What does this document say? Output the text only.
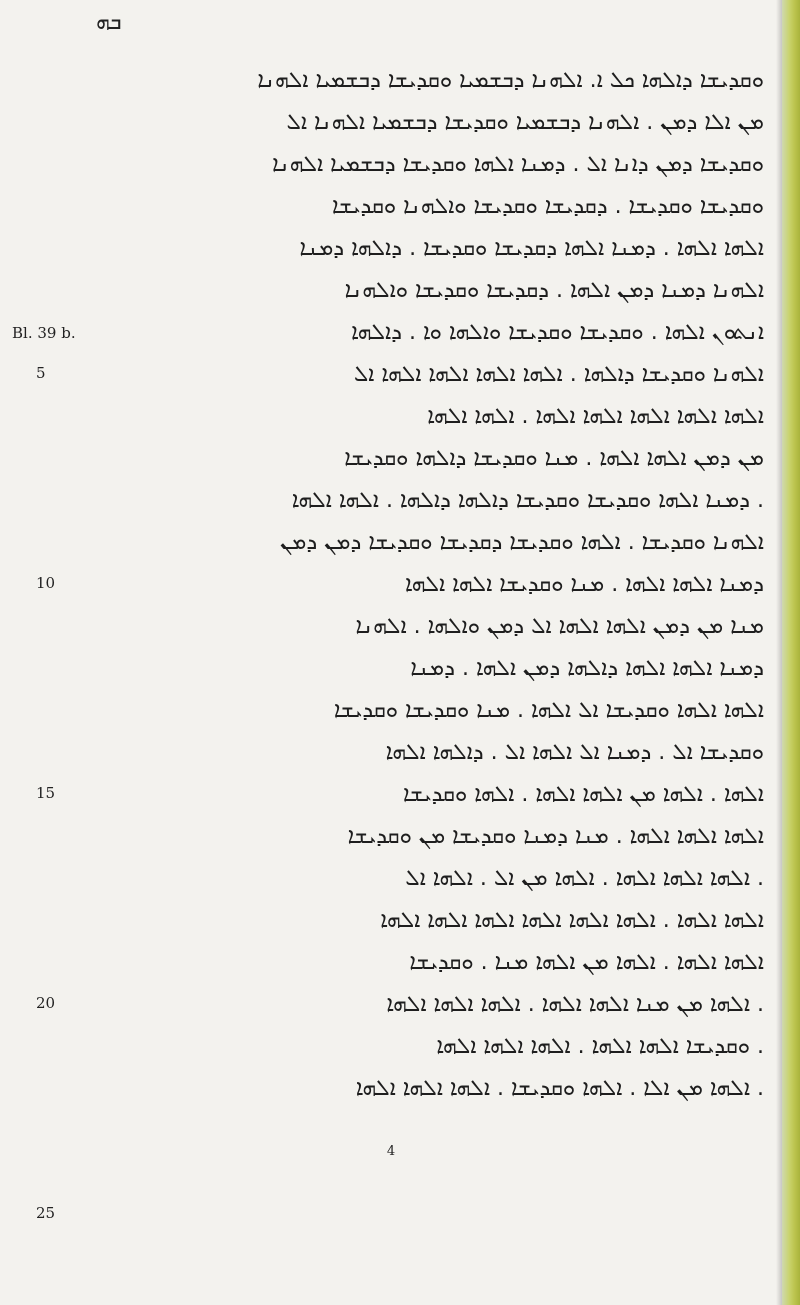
ܒܗ
Bl. 39 b.
5
10
15
20
25
ܘܩܕܝܫܐ ܕܐܠܗܐ ܟܠ ܐ. ܐܠܗܢܐ ܕܒܫܡܝܐ ܘܩܕܝܫܐ ܕܒܫܡܝܐ ܐܠܗܢܐ
ܡܢ ܐܠܐ ܕܡܢ . ܐܠܗܢܐ ܕܒܫܡܝܐ ܘܩܕܝܫܐ ܕܒܫܡܝܐ ܐܠܗܢܐ ܐܠ
ܘܩܕܝܫܐ ܕܡܢ ܕܐܢܐ ܐܠ . ܕܡܢܐ ܐܠܗܐ ܘܩܕܝܫܐ ܕܒܫܡܝܐ ܐܠܗܢܐ
ܘܩܕܝܫܐ ܘܩܕܝܫܐ . ܕܩܕܝܫܐ ܘܩܕܝܫܐ ܘܐܠܗܢܐ ܘܩܕܝܫܐ
ܐܠܗܐ ܐܠܗܐ . ܕܡܢܐ ܐܠܗܐ ܕܩܕܝܫܐ ܘܩܕܝܫܐ . ܕܐܠܗܐ ܕܡܢܐ
ܐܠܗܢܐ ܕܡܢܐ ܕܡܢ ܐܠܗܐ . ܕܩܕܝܫܐ ܘܩܕܝܫܐ ܘܐܠܗܢܐ
ܐܢܬܘܢ ܐܠܗܐ . ܘܩܕܝܫܐ ܘܩܕܝܫܐ ܘܐܠܗܐ ܘܐ . ܕܐܠܗܐ
ܐܠܗܢܐ ܘܩܕܝܫܐ ܕܐܠܗܐ . ܐܠܗܐ ܐܠܗܐ ܐܠܗܐ ܐܠܗܐ ܐܠ
ܐܠܗܐ ܐܠܗܐ ܐܠܗܐ ܐܠܗܐ ܐܠܗܐ . ܐܠܗܐ ܐܠܗܐ
ܡܢ ܕܡܢ ܐܠܗܐ ܐܠܗܐ . ܡܢܐ ܘܩܕܝܫܐ ܕܐܠܗܐ ܘܩܕܝܫܐ
. ܕܡܢܐ ܐܠܗܐ ܘܩܕܝܫܐ ܘܩܕܝܫܐ ܕܐܠܗܐ ܕܐܠܗܐ . ܐܠܗܐ ܐܠܗܐ
ܐܠܗܢܐ ܘܩܕܝܫܐ . ܐܠܗܐ ܘܩܕܝܫܐ ܕܩܕܝܫܐ ܘܩܕܝܫܐ ܕܡܢ ܕܡܢ
ܕܡܢܐ ܐܠܗܐ ܐܠܗܐ . ܡܢܐ ܘܩܕܝܫܐ ܐܠܗܐ ܐܠܗܐ
ܡܢܐ ܡܢ ܕܡܢ ܐܠܗܐ ܐܠܗܐ ܐܠ ܕܡܢ ܘܐܠܗܐ . ܐܠܗܢܐ
ܕܡܢܐ ܐܠܗܐ ܐܠܗܐ ܕܐܠܗܐ ܕܡܢ ܐܠܗܐ . ܕܡܢܐ
ܐܠܗܐ ܐܠܗܐ ܘܩܕܝܫܐ ܐܠ ܐܠܗܐ . ܡܢܐ ܘܩܕܝܫܐ ܘܩܕܝܫܐ
ܘܩܕܝܫܐ ܐܠ . ܕܡܢܐ ܐܠ ܐܠܗܐ ܐܠ . ܕܐܠܗܐ ܐܠܗܐ
ܐܠܗܐ . ܐܠܗܐ ܡܢ ܐܠܗܐ ܐܠܗܐ . ܐܠܗܐ ܘܩܕܝܫܐ
ܐܠܗܐ ܐܠܗܐ ܐܠܗܐ . ܡܢܐ ܕܡܢܐ ܘܩܕܝܫܐ ܡܢ ܘܩܕܝܫܐ
. ܐܠܗܐ ܐܠܗܐ ܐܠܗܐ . ܐܠܗܐ ܡܢ ܐܠ . ܐܠܗܐ ܐܠ
ܐܠܗܐ ܐܠܗܐ . ܐܠܗܐ ܐܠܗܐ ܐܠܗܐ ܐܠܗܐ ܐܠܗܐ ܐܠܗܐ
ܐܠܗܐ ܐܠܗܐ . ܐܠܗܐ ܡܢ ܐܠܗܐ ܡܢܐ . ܘܩܕܝܫܐ
. ܐܠܗܐ ܡܢ ܡܢܐ ܐܠܗܐ ܐܠܗܐ . ܐܠܗܐ ܐܠܗܐ ܐܠܗܐ
. ܘܩܕܝܫܐ ܐܠܗܐ ܐܠܗܐ . ܐܠܗܐ ܐܠܗܐ ܐܠܗܐ
. ܐܠܗܐ ܡܢ ܐܠܐ . ܐܠܗܐ ܘܩܕܝܫܐ . ܐܠܗܐ ܐܠܗܐ ܐܠܗܐ
4
